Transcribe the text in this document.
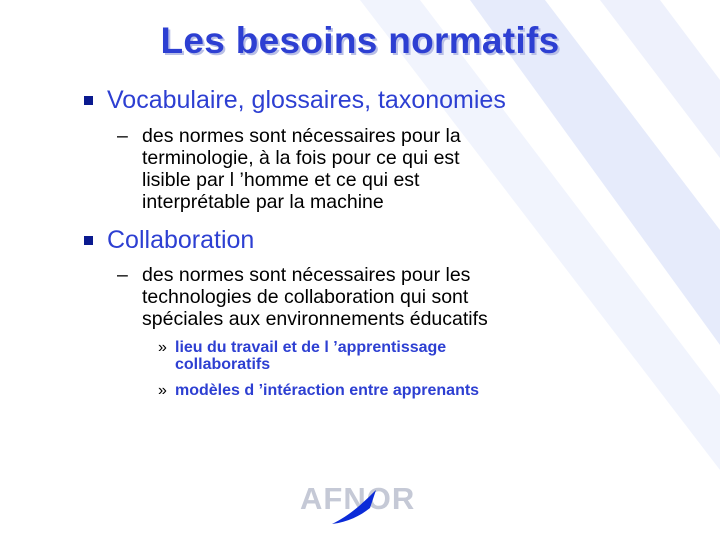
Les besoins normatifs
Vocabulaire, glossaires, taxonomies
– des normes sont nécessaires pour la
terminologie, à la fois pour ce qui est
lisible par l ’homme et ce qui est
interprétable par la machine
Collaboration
– des normes sont nécessaires pour les
technologies de collaboration qui sont
spéciales aux environnements éducatifs
» lieu du travail et de l ’apprentissage
collaboratifs
» modèles d ’intéraction entre apprenants
AFNOR
